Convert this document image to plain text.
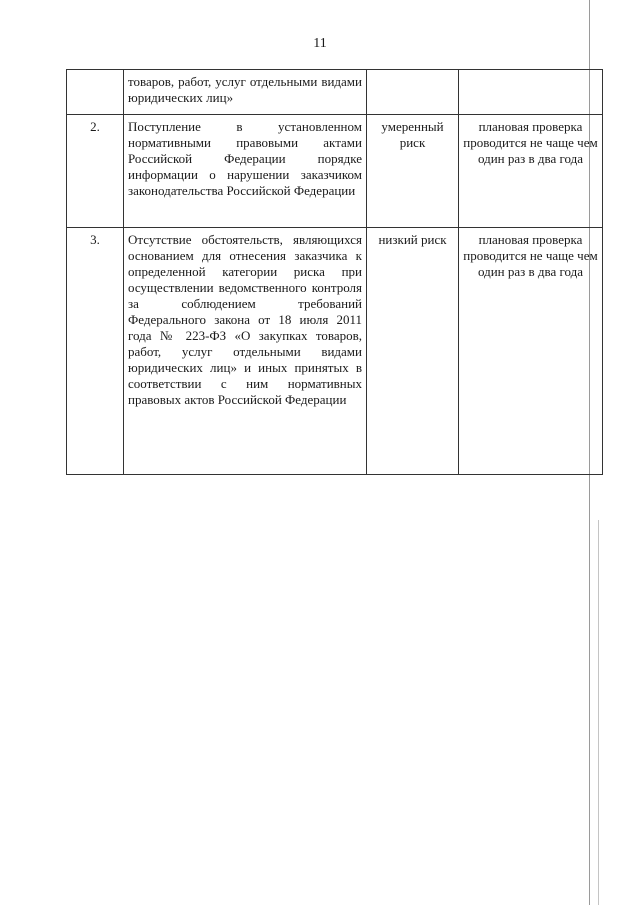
11
	товаров, работ, услуг отдельными видами юридических лиц»		
2.	Поступление в установленном нормативными правовыми актами Российской Федерации порядке информации о нарушении заказчиком законодательства Российской Федерации	умеренный риск	плановая проверка проводится не чаще чем один раз в два года
3.	Отсутствие обстоятельств, являющихся основанием для отнесения заказчика к определенной категории риска при осуществлении ведомственного контроля за соблюдением требований Федерального закона от 18 июля 2011 года № 223-ФЗ «О закупках товаров, работ, услуг отдельными видами юридических лиц» и иных принятых в соответствии с ним нормативных правовых актов Российской Федерации	низкий риск	плановая проверка проводится не чаще чем один раз в два года
